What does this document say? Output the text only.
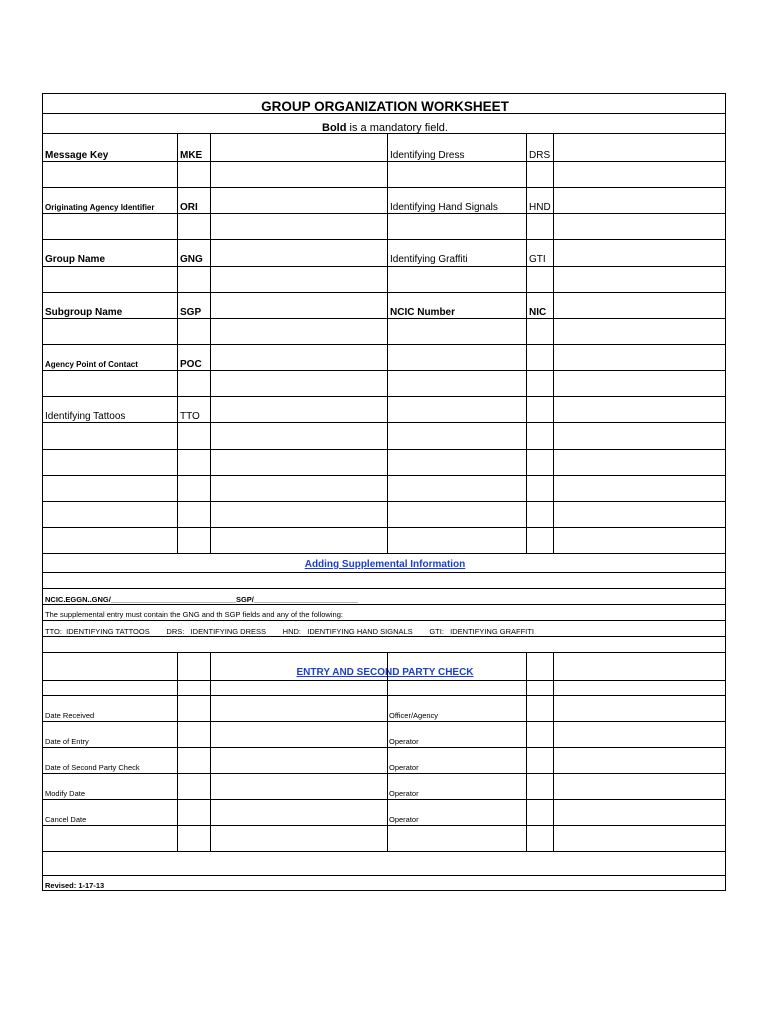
GROUP ORGANIZATION WORKSHEET
Bold is a mandatory field.
Message Key	MKE	Identifying Dress	DRS
Originating Agency Identifier	ORI	Identifying Hand Signals	HND
Group Name	GNG	Identifying Graffiti	GTI
Subgroup Name	SGP	NCIC Number	NIC
Agency Point of Contact	POC
Identifying Tattoos	TTO
Adding Supplemental Information
NCIC.EGGN..GNG/______________________________SGP/_________________________
The supplemental entry must contain the GNG and th SGP fields and any of the following:
TTO:  IDENTIFYING TATTOOS        DRS:   IDENTIFYING DRESS        HND:   IDENTIFYING HAND SIGNALS        GTI:   IDENTIFYING GRAFFITI
ENTRY AND SECOND PARTY CHECK
Date Received	Officer/Agency
Date of Entry	Operator
Date of Second Party Check	Operator
Modify Date	Operator
Cancel Date	Operator
Revised: 1-17-13
